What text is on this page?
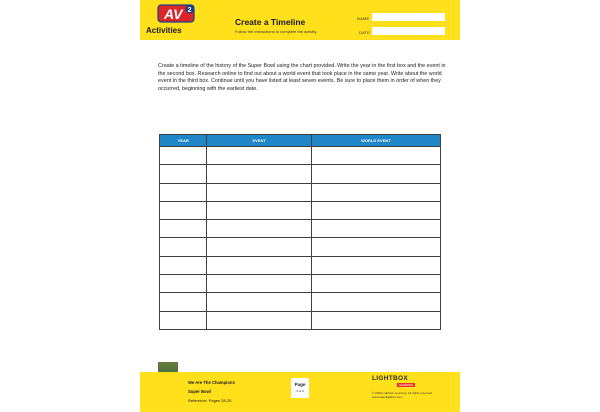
AV 2
Activities
Create a Timeline
Follow the instructions to complete the activity.
NAME
DATE
Create a timeline of the history of the Super Bowl using the chart provided. Write the year in the first box and the event in the second box. Research online to find out about a world event that took place in the same year. Write about the world event in the third box. Continue until you have listed at least seven events. Be sure to place them in order of when they occurred, beginning with the earliest date.
YEAR	EVENT	WORLD EVENT

We Are The Champions
Super Bowl
Reference: Pages 28-29
Page
3 of 6
LIGHTBOX
LEARNING
© 2020 Lightbox Learning. All rights reserved.
www.openlightbox.com
